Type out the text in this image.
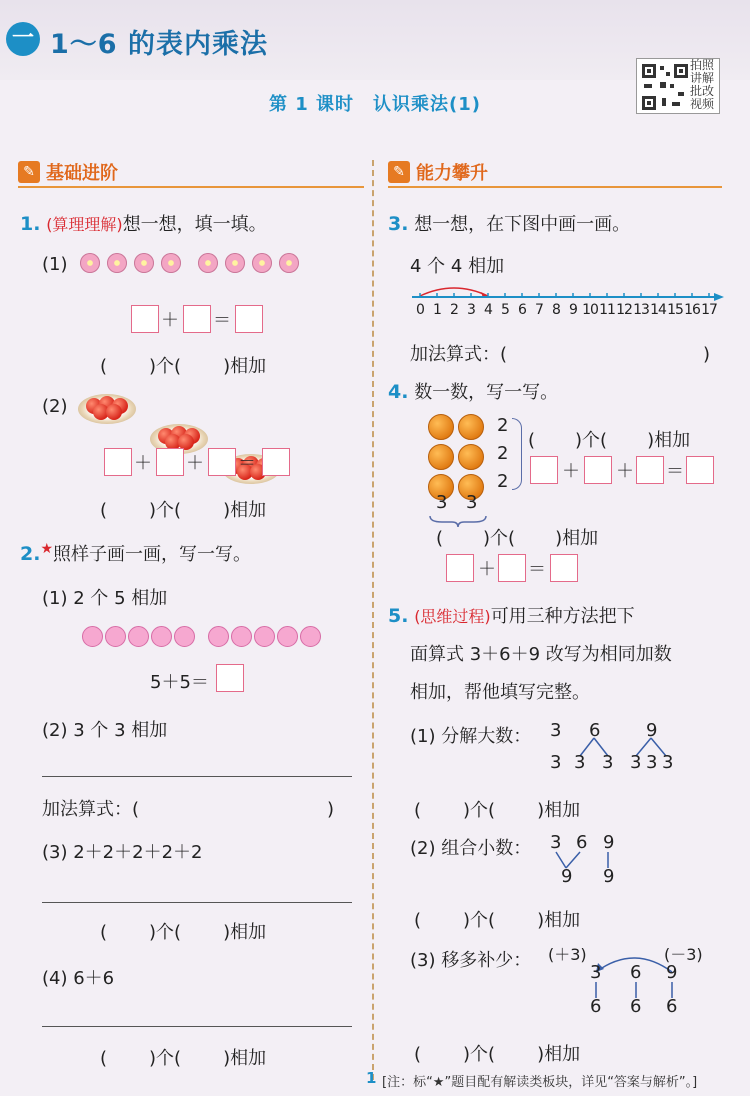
一 1～6 的表内乘法
拍照讲解批改视频
第 1 课时　认识乘法(1)
✎ 基础进阶	✎ 能力攀升
1. (算理理解)想一想，填一填。
(1)
＋ ＝
( )个( )相加
(2)
＋ ＋ ＝
( )个( )相加
2.★照样子画一画，写一写。
(1) 2 个 5 相加
5＋5＝
(2) 3 个 3 相加
加法算式：(	)
(3) 2＋2＋2＋2＋2
( )个( )相加
(4) 6＋6
( )个( )相加
3. 想一想，在下图中画一画。
4 个 4 相加
0 1 2 3 4 5 6 7 8 9 10 11 12 13 14 15 16 17
加法算式：(	)
4. 数一数，写一写。
2
2
2
( )个( )相加
＋ ＋ ＝
3 3
( )个( )相加
＋ ＝
5. (思维过程)可用三种方法把下
面算式 3＋6＋9 改写为相同加数
相加，帮他填写完整。
(1) 分解大数： 3 6	9
3 3 3 3 3 3
( )个( )相加
(2) 组合小数： 3 6 9
9 9
( )个( )相加
(3) 移多补少： (＋3)	(－3)
3 6 9
6 6 6
( )个( )相加
1 [注：标“★”题目配有解读类板块，详见“答案与解析”。]
